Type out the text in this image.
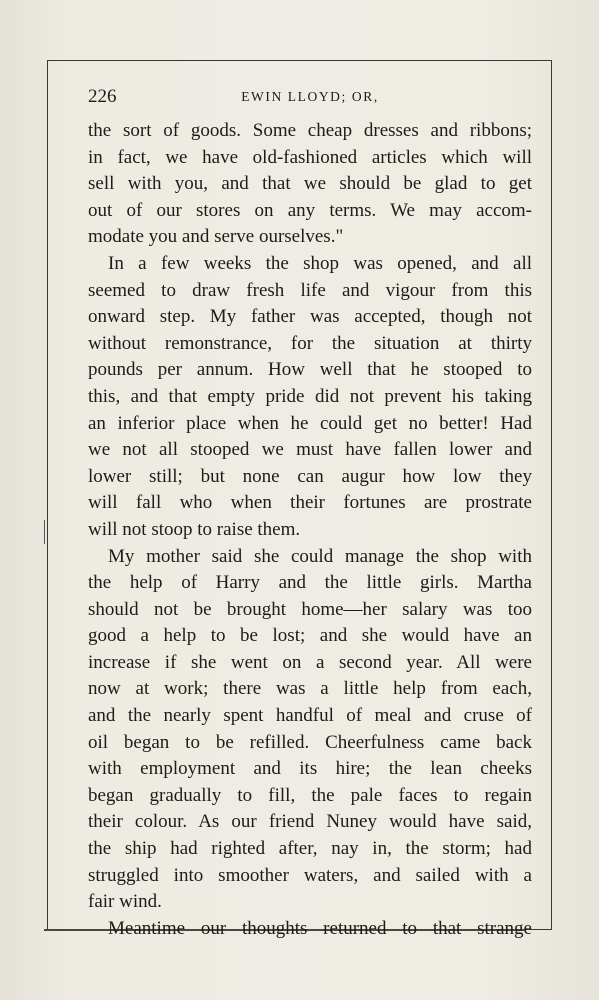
226	EWIN LLOYD; OR,
the sort of goods. Some cheap dresses and ribbons;
in fact, we have old-fashioned articles which will
sell with you, and that we should be glad to get
out of our stores on any terms. We may accom-
modate you and serve ourselves."
In a few weeks the shop was opened, and all
seemed to draw fresh life and vigour from this
onward step. My father was accepted, though not
without remonstrance, for the situation at thirty
pounds per annum. How well that he stooped to
this, and that empty pride did not prevent his taking
an inferior place when he could get no better! Had
we not all stooped we must have fallen lower and
lower still; but none can augur how low they
will fall who when their fortunes are prostrate
will not stoop to raise them.
My mother said she could manage the shop with
the help of Harry and the little girls. Martha
should not be brought home—her salary was too
good a help to be lost; and she would have an
increase if she went on a second year. All were
now at work; there was a little help from each,
and the nearly spent handful of meal and cruse of
oil began to be refilled. Cheerfulness came back
with employment and its hire; the lean cheeks
began gradually to fill, the pale faces to regain
their colour. As our friend Nuney would have said,
the ship had righted after, nay in, the storm; had
struggled into smoother waters, and sailed with a
fair wind.
Meantime our thoughts returned to that strange
